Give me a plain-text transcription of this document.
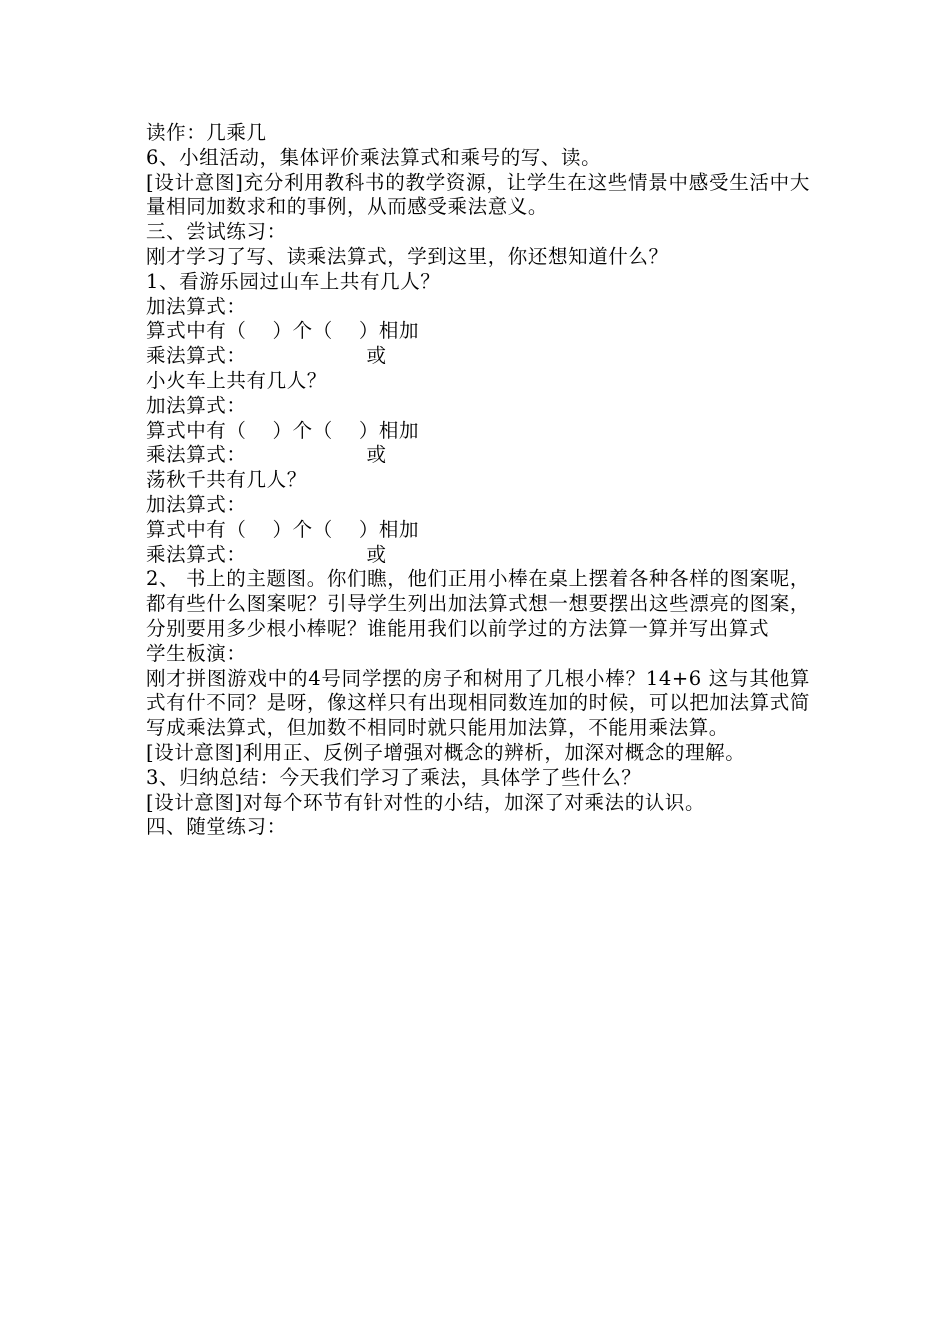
读作：几乘几
6、小组活动，集体评价乘法算式和乘号的写、读。
[设计意图]充分利用教科书的教学资源，让学生在这些情景中感受生活中大量相同加数求和的事例，从而感受乘法意义。
三、尝试练习：
刚才学习了写、读乘法算式，学到这里，你还想知道什么？
1、看游乐园过山车上共有几人？
加法算式：
算式中有（ ）个（ ）相加
乘法算式：	或
小火车上共有几人？
加法算式：
算式中有（ ）个（ ）相加
乘法算式：	或
荡秋千共有几人？
加法算式：
算式中有（ ）个（ ）相加
乘法算式：	或
2、 书上的主题图。你们瞧，他们正用小棒在桌上摆着各种各样的图案呢，都有些什么图案呢？引导学生列出加法算式想一想要摆出这些漂亮的图案，分别要用多少根小棒呢？谁能用我们以前学过的方法算一算并写出算式
学生板演：
刚才拼图游戏中的4号同学摆的房子和树用了几根小棒？14+6 这与其他算式有什不同？是呀，像这样只有出现相同数连加的时候，可以把加法算式简写成乘法算式，但加数不相同时就只能用加法算，不能用乘法算。
[设计意图]利用正、反例子增强对概念的辨析，加深对概念的理解。
3、归纳总结：今天我们学习了乘法，具体学了些什么？
[设计意图]对每个环节有针对性的小结，加深了对乘法的认识。
四、随堂练习：
